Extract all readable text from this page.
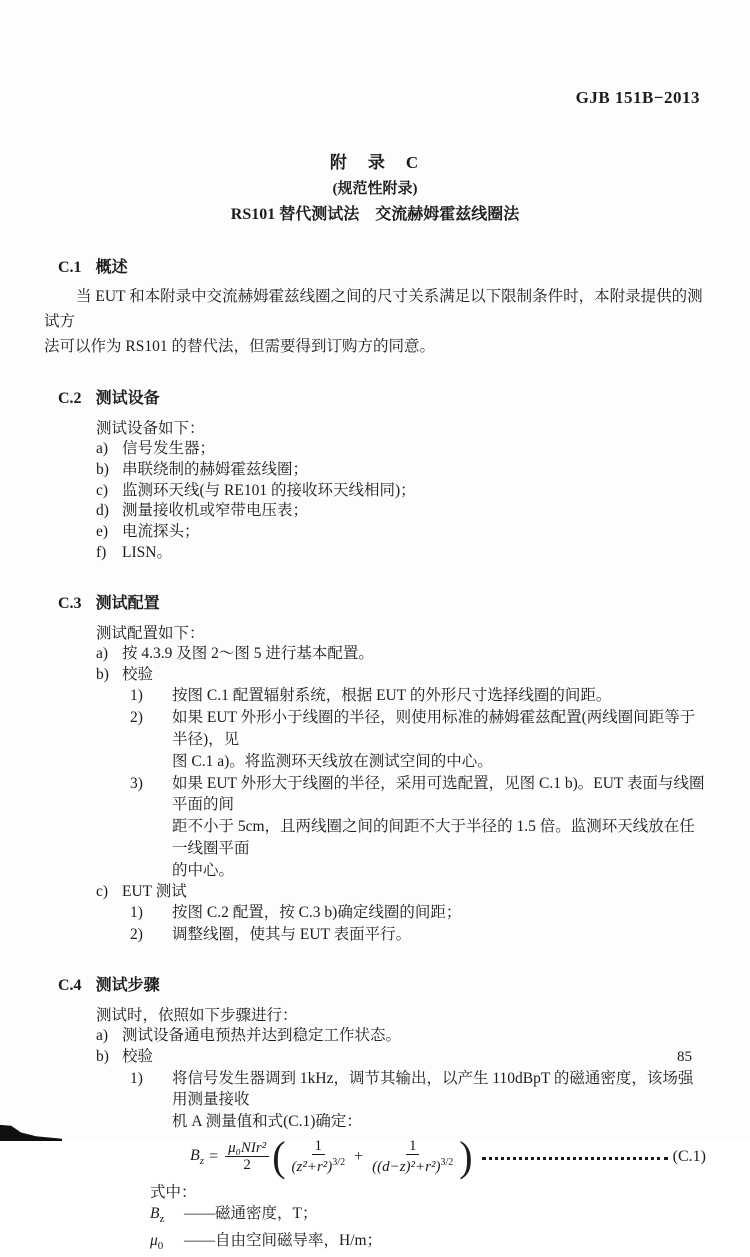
GJB 151B−2013
附　录　C
(规范性附录)
RS101 替代测试法　交流赫姆霍兹线圈法
C.1 概述
当 EUT 和本附录中交流赫姆霍兹线圈之间的尺寸关系满足以下限制条件时，本附录提供的测试方
法可以作为 RS101 的替代法，但需要得到订购方的同意。
C.2 测试设备
测试设备如下：
a) 信号发生器；
b) 串联绕制的赫姆霍兹线圈；
c) 监测环天线(与 RE101 的接收环天线相同)；
d) 测量接收机或窄带电压表；
e) 电流探头；
f)	LISN。
C.3 测试配置
测试配置如下：
a) 按 4.3.9 及图 2～图 5 进行基本配置。
b) 校验
1)	按图 C.1 配置辐射系统，根据 EUT 的外形尺寸选择线圈的间距。
2)	如果 EUT 外形小于线圈的半径，则使用标准的赫姆霍兹配置(两线圈间距等于半径)，见
图 C.1 a)。将监测环天线放在测试空间的中心。
3)	如果 EUT 外形大于线圈的半径，采用可选配置，见图 C.1 b)。EUT 表面与线圈平面的间
距不小于 5cm，且两线圈之间的间距不大于半径的 1.5 倍。监测环天线放在任一线圈平面
的中心。
c) EUT 测试
1)	按图 C.2 配置，按 C.3 b)确定线圈的间距；
2)	调整线圈，使其与 EUT 表面平行。
C.4 测试步骤
测试时，依照如下步骤进行：
a) 测试设备通电预热并达到稳定工作状态。
b) 校验
1)	将信号发生器调到 1kHz，调节其输出，以产生 110dBpT 的磁通密度，该场强用测量接收
机 A 测量值和式(C.1)确定：
$B_z = \frac{\text{μ₀NIr²}}{2}$ ( $\frac{1}{(z^2+r^2)^{3/2}} + \frac{1}{((d-z)^2+r^2)^{3/2}}$ )	(C.1)
式中：
$B_z$	——磁通密度，T；
$\mu_0$	——自由空间磁导率，H/m；
85
